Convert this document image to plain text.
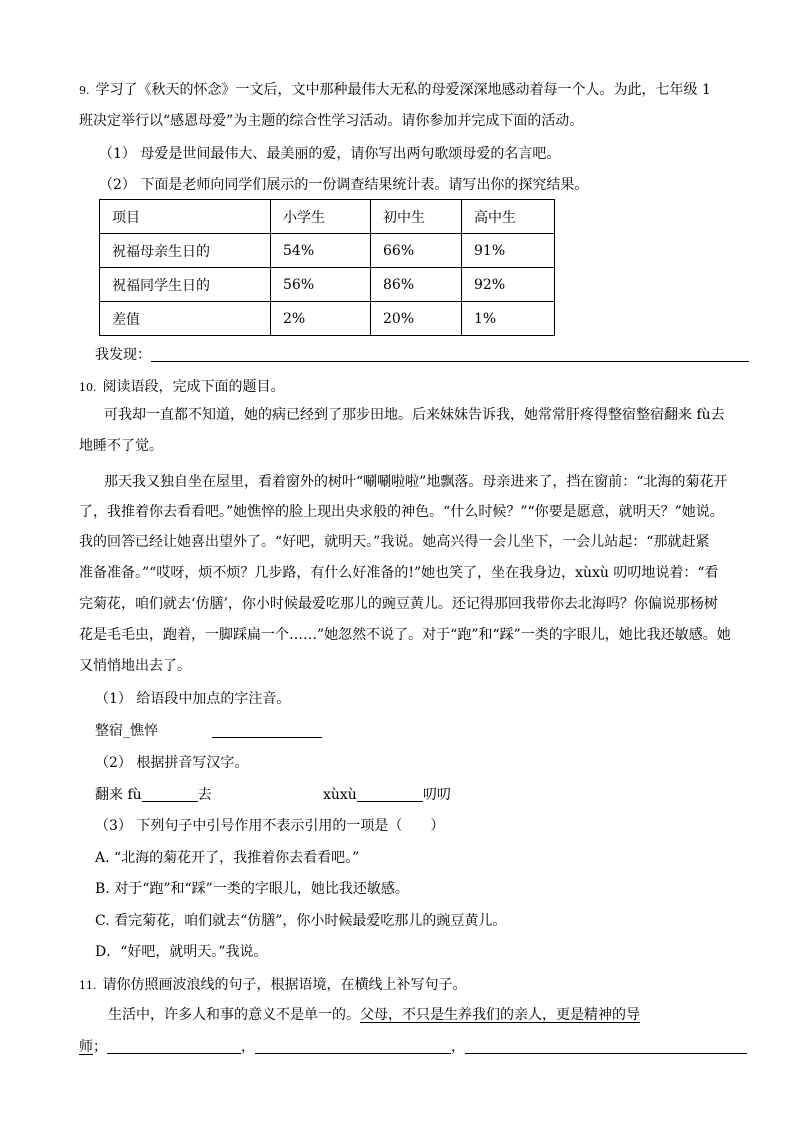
9. 学习了《秋天的怀念》一文后，文中那种最伟大无私的母爱深深地感动着每一个人。为此，七年级 1
班决定举行以“感恩母爱”为主题的综合性学习活动。请你参加并完成下面的活动。
（1） 母爱是世间最伟大、最美丽的爱，请你写出两句歌颂母爱的名言吧。
（2） 下面是老师向同学们展示的一份调查结果统计表。请写出你的探究结果。
项目	小学生	初中生	高中生
祝福母亲生日的	54%	66%	91%
祝福同学生日的	56%	86%	92%
差值	2%	20%	1%
我发现：
10. 阅读语段，完成下面的题目。
可我却一直都不知道，她的病已经到了那步田地。后来妹妹告诉我，她常常肝疼得整宿整宿翻来 fù去
地睡不了觉。
那天我又独自坐在屋里，看着窗外的树叶“唰唰啦啦”地飘落。母亲进来了，挡在窗前：“北海的菊花开
了，我推着你去看看吧。”她憔悴的脸上现出央求般的神色。“什么时候？”“你要是愿意，就明天？”她说。
我的回答已经让她喜出望外了。“好吧，就明天。”我说。她高兴得一会儿坐下，一会儿站起：“那就赶紧
准备准备。”“哎呀，烦不烦？几步路，有什么好准备的!”她也笑了，坐在我身边，xùxù 叨叨地说着：“看
完菊花，咱们就去‘仿膳’，你小时候最爱吃那儿的豌豆黄儿。还记得那回我带你去北海吗？你偏说那杨树
花是毛毛虫，跑着，一脚踩扁一个……”她忽然不说了。对于“跑”和“踩”一类的字眼儿，她比我还敏感。她
又悄悄地出去了。
（1） 给语段中加点的字注音。
整宿_憔悴
（2） 根据拼音写汉字。
翻来 fù	去	xùxù	叨叨
（3） 下列句子中引号作用不表示引用的一项是（　　）
A. “北海的菊花开了，我推着你去看看吧。”
B. 对于“跑”和“踩”一类的字眼儿，她比我还敏感。
C. 看完菊花，咱们就去“仿膳”，你小时候最爱吃那儿的豌豆黄儿。
D．“好吧，就明天。”我说。
11. 请你仿照画波浪线的句子，根据语境，在横线上补写句子。
生活中，许多人和事的意义不是单一的。父母，不只是生养我们的亲人，更是精神的导
师；	，	，
